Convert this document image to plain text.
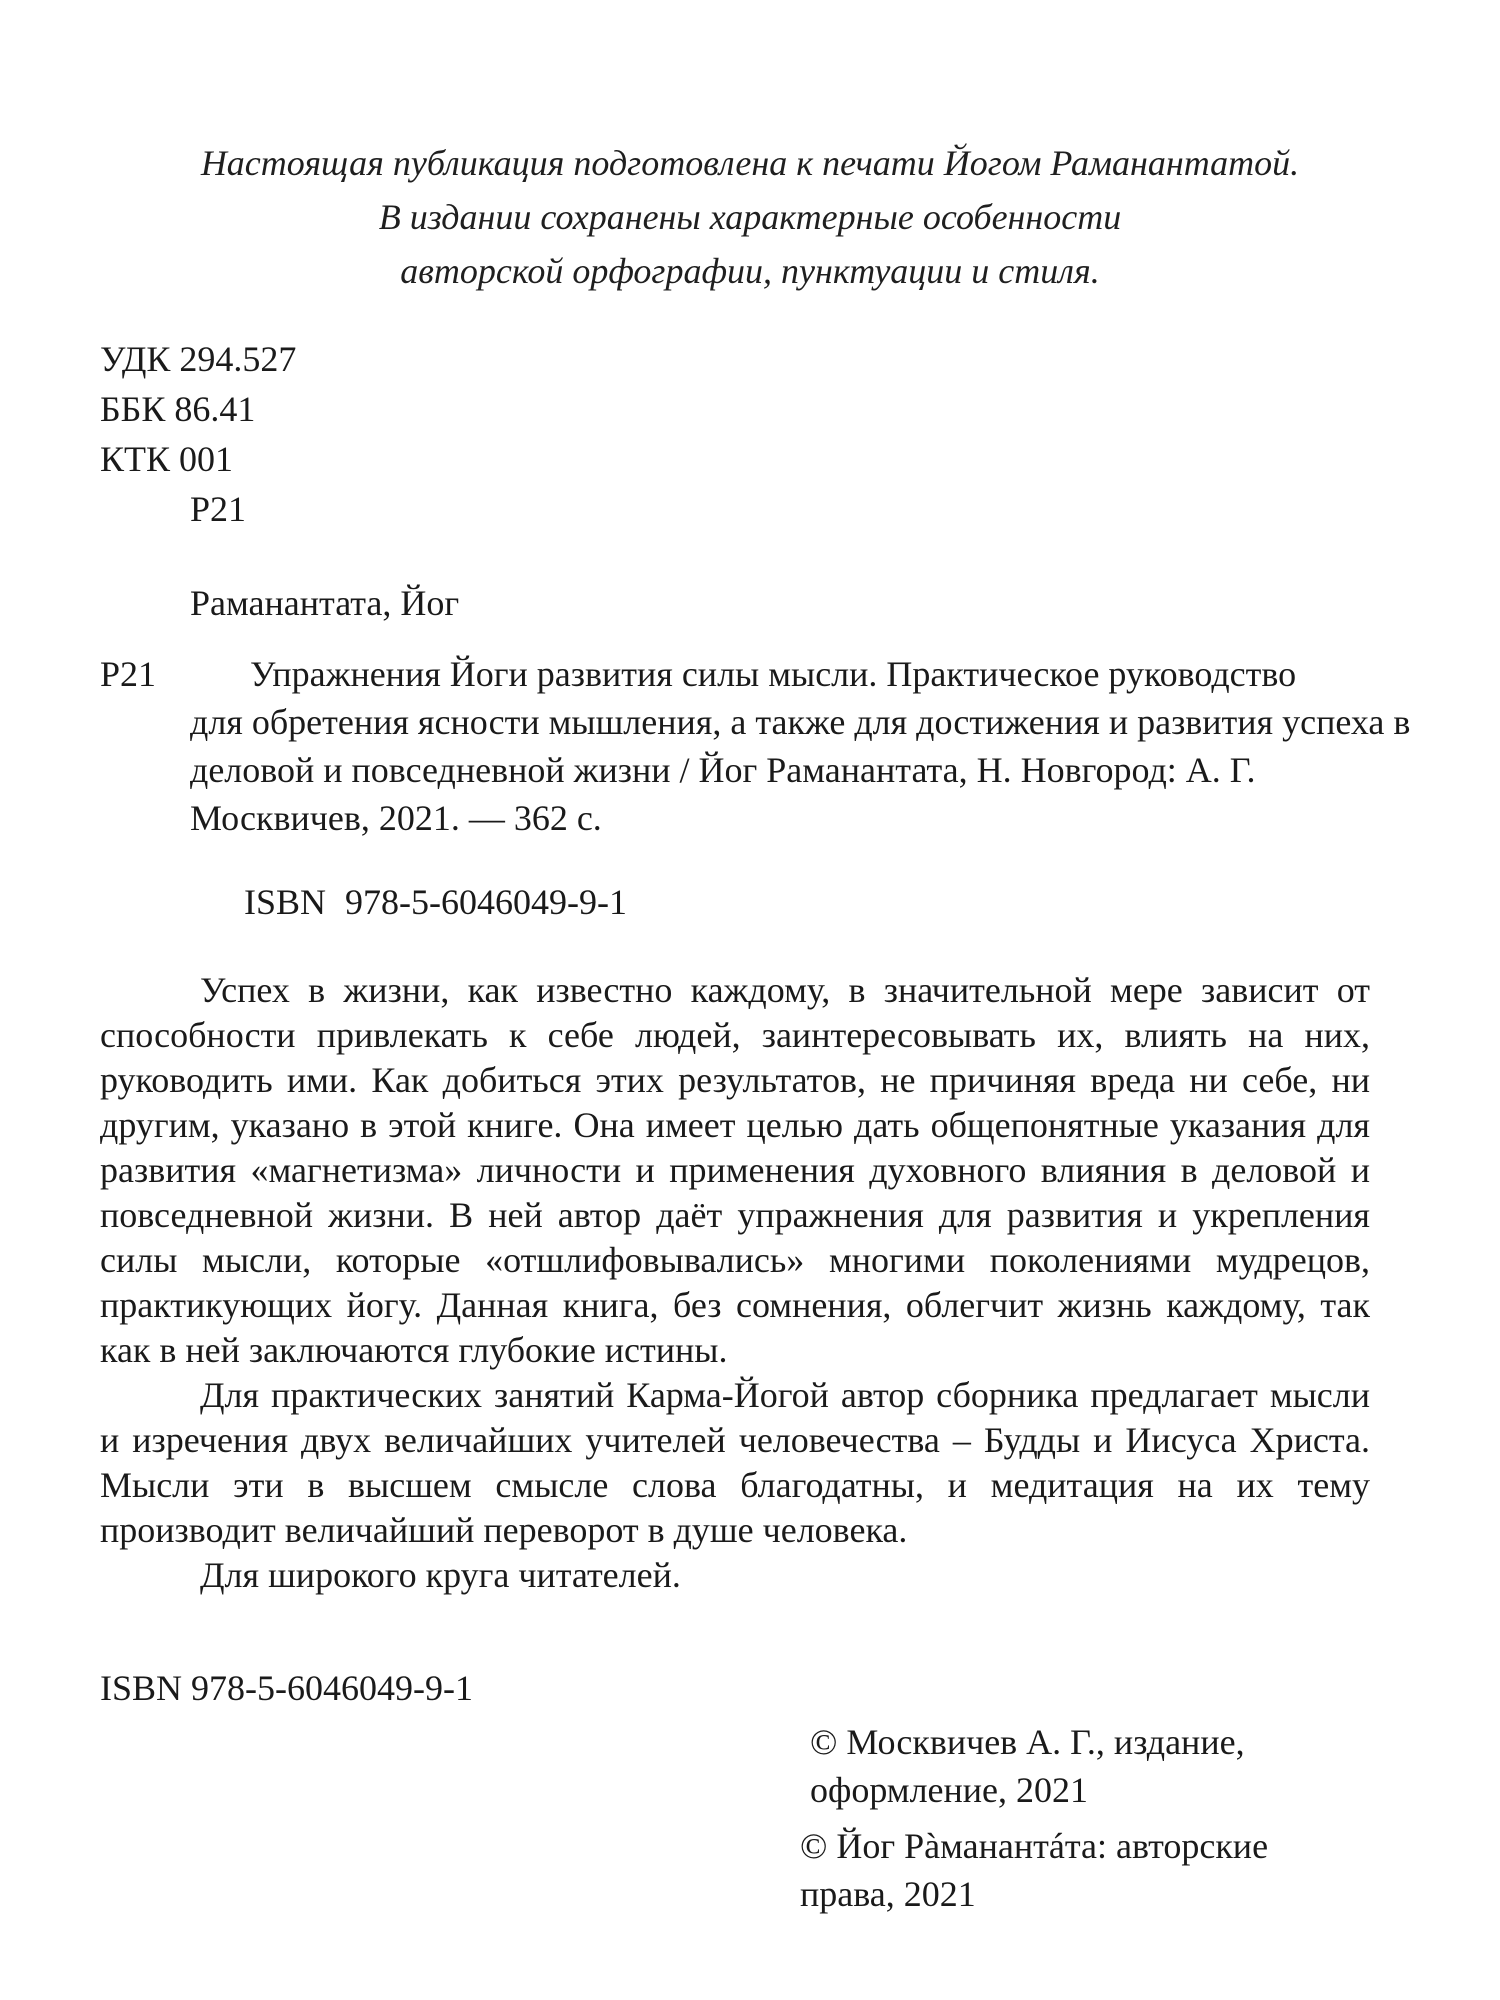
Настоящая публикация подготовлена к печати Йогом Раманантатой.
В издании сохранены характерные особенности
авторской орфографии, пунктуации и стиля.
УДК 294.527
ББК 86.41
КТК 001
Р21
Раманантата, Йог
Р21	Упражнения Йоги развития силы мысли. Практическое руководство
для обретения ясности мышления, а также для достижения и развития успеха в деловой и повседневной жизни / Йог Раманантата, Н. Новгород: А. Г. Москвичев, 2021. — 362 с.
ISBN 978-5-6046049-9-1

Успех в жизни, как известно каждому, в значительной мере зависит от способности привлекать к себе людей, заинтересовывать их, влиять на них, руководить ими. Как добиться этих результатов, не причиняя вреда ни себе, ни другим, указано в этой книге. Она имеет целью дать общепонятные указания для развития «магнетизма» личности и применения духовного влияния в деловой и повседневной жизни. В ней автор даёт упражнения для развития и укрепления силы мысли, которые «отшлифовывались» многими поколениями мудрецов, практикующих йогу. Данная книга, без сомнения, облегчит жизнь каждому, так как в ней заключаются глубокие истины.

Для практических занятий Карма-Йогой автор сборника предлагает мысли и изречения двух величайших учителей человечества – Будды и Иисуса Христа. Мысли эти в высшем смысле слова благодатны, и медитация на их тему производит величайший переворот в душе человека.

Для широкого круга читателей.

ISBN 978-5-6046049-9-1
© Москвичев А. Г., издание,
оформление, 2021
© Йог Рàманантáта: авторские
права, 2021
